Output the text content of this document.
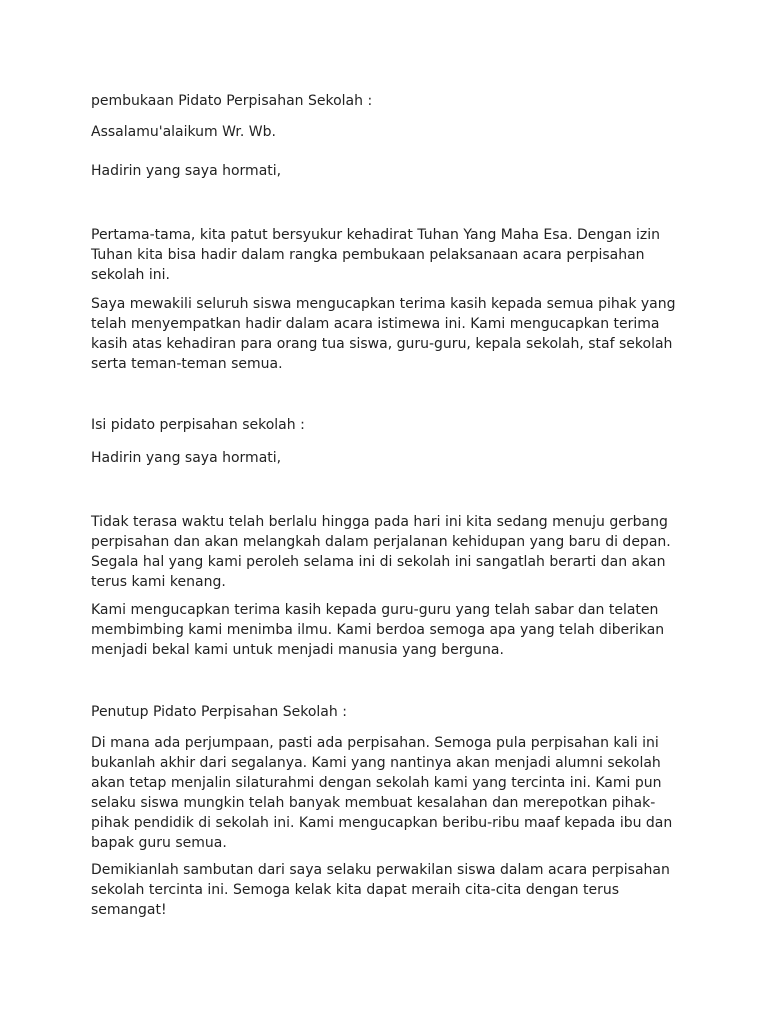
pembukaan Pidato Perpisahan Sekolah :

Assalamu'alaikum Wr. Wb.

Hadirin yang saya hormati,

Pertama-tama, kita patut bersyukur kehadirat Tuhan Yang Maha Esa. Dengan izin
Tuhan kita bisa hadir dalam rangka pembukaan pelaksanaan acara perpisahan
sekolah ini.

Saya mewakili seluruh siswa mengucapkan terima kasih kepada semua pihak yang
telah menyempatkan hadir dalam acara istimewa ini. Kami mengucapkan terima
kasih atas kehadiran para orang tua siswa, guru-guru, kepala sekolah, staf sekolah
serta teman-teman semua.

Isi pidato perpisahan sekolah :

Hadirin yang saya hormati,

Tidak terasa waktu telah berlalu hingga pada hari ini kita sedang menuju gerbang
perpisahan dan akan melangkah dalam perjalanan kehidupan yang baru di depan.
Segala hal yang kami peroleh selama ini di sekolah ini sangatlah berarti dan akan
terus kami kenang.

Kami mengucapkan terima kasih kepada guru-guru yang telah sabar dan telaten
membimbing kami menimba ilmu. Kami berdoa semoga apa yang telah diberikan
menjadi bekal kami untuk menjadi manusia yang berguna.

Penutup Pidato Perpisahan Sekolah :

Di mana ada perjumpaan, pasti ada perpisahan. Semoga pula perpisahan kali ini
bukanlah akhir dari segalanya. Kami yang nantinya akan menjadi alumni sekolah
akan tetap menjalin silaturahmi dengan sekolah kami yang tercinta ini. Kami pun
selaku siswa mungkin telah banyak membuat kesalahan dan merepotkan pihak-
pihak pendidik di sekolah ini. Kami mengucapkan beribu-ribu maaf kepada ibu dan
bapak guru semua.

Demikianlah sambutan dari saya selaku perwakilan siswa dalam acara perpisahan
sekolah tercinta ini. Semoga kelak kita dapat meraih cita-cita dengan terus
semangat!
